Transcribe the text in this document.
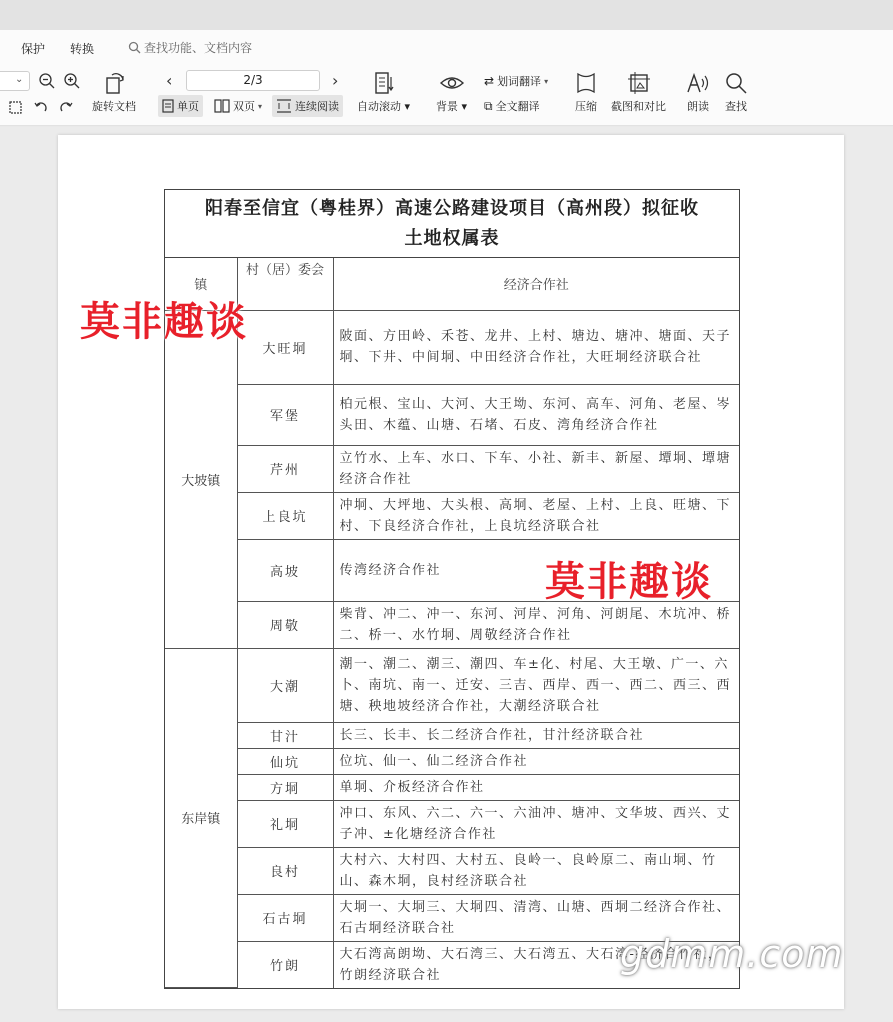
保护 转换	查找功能、文档内容
⌄
旋转文档
‹	2/3	›
单页	双页 ▾	连续阅读 自动滚动 ▾ 背景 ▾
⇄ 划词翻译 ▾
⧉ 全文翻译	压缩 截图和对比 朗读 查找
阳春至信宜（粤桂界）高速公路建设项目（高州段）拟征收
土地权属表
镇	村（居）委会	经济合作社
大坡镇	大旺垌	陂面、方田岭、禾苍、龙井、上村、塘边、塘冲、塘面、天子垌、下井、中间垌、中田经济合作社，大旺垌经济联合社
	军堡	柏元根、宝山、大河、大王坳、东河、高车、河角、老屋、岑头田、木蕴、山塘、石堵、石皮、湾角经济合作社
	芹州	立竹水、上车、水口、下车、小社、新丰、新屋、墰垌、墰塘经济合作社
	上良坑	冲垌、大坪地、大头根、高垌、老屋、上村、上良、旺塘、下村、下良经济合作社，上良坑经济联合社
	高坡	传湾经济合作社
	周敬	柴背、冲二、冲一、东河、河岸、河角、河朗尾、木坑冲、桥二、桥一、水竹垌、周敬经济合作社
东岸镇	大潮	潮一、潮二、潮三、潮四、车±化、村尾、大王墩、广一、六卜、南坑、南一、迁安、三吉、西岸、西一、西二、西三、西塘、秧地坡经济合作社，大潮经济联合社
	甘汁	长三、长丰、长二经济合作社，甘汁经济联合社
	仙坑	位坑、仙一、仙二经济合作社
	方垌	单垌、介板经济合作社
	礼垌	冲口、东风、六二、六一、六油冲、塘冲、文华坡、西兴、丈子冲、±化塘经济合作社
	良村	大村六、大村四、大村五、良岭一、良岭原二、南山垌、竹山、森木垌，良村经济联合社
	石古垌	大垌一、大垌三、大垌四、清湾、山塘、西垌二经济合作社、石古垌经济联合社
	竹朗	大石湾高朗坳、大石湾三、大石湾五、大石湾-经济合作社，竹朗经济联合社
莫非趣谈
莫非趣谈
gdmm.com
